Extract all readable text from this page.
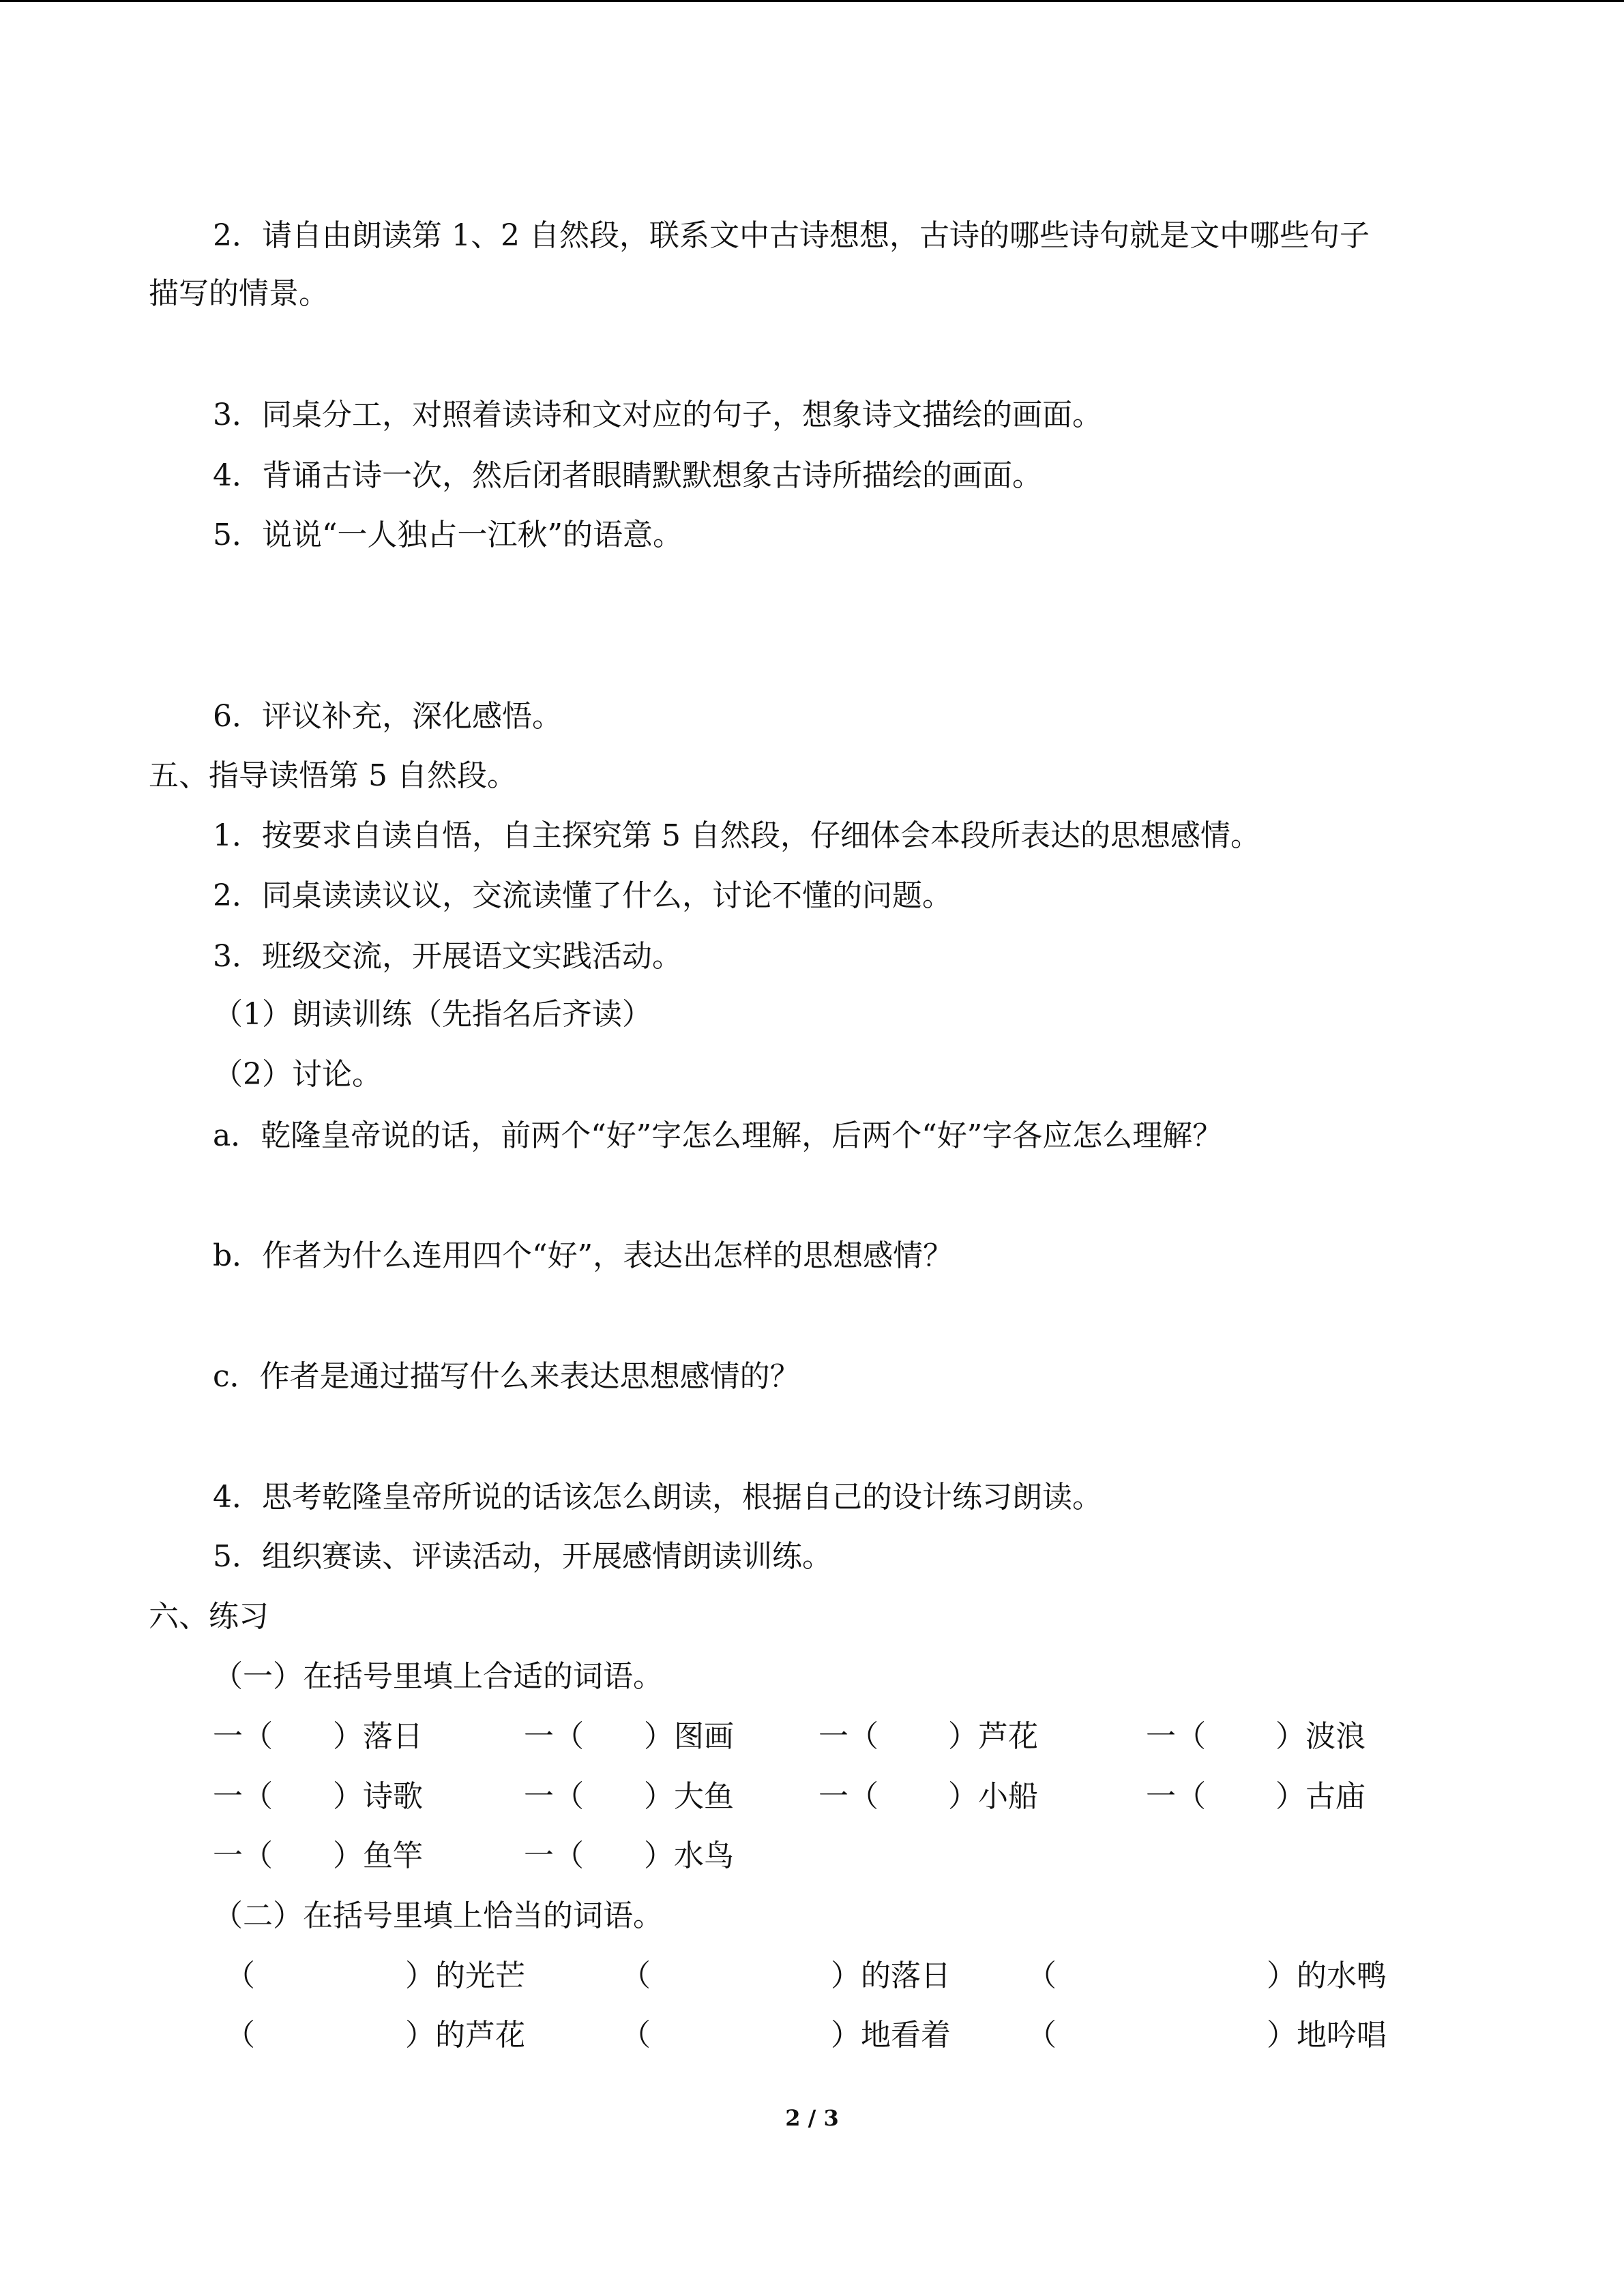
2．请自由朗读第 1、2 自然段，联系文中古诗想想，古诗的哪些诗句就是文中哪些句子
描写的情景。
3．同桌分工，对照着读诗和文对应的句子，想象诗文描绘的画面。
4．背诵古诗一次，然后闭者眼睛默默想象古诗所描绘的画面。
5．说说“一人独占一江秋”的语意。
6．评议补充，深化感悟。
五、指导读悟第 5 自然段。
1．按要求自读自悟，自主探究第 5 自然段，仔细体会本段所表达的思想感情。
2．同桌读读议议，交流读懂了什么，讨论不懂的问题。
3．班级交流，开展语文实践活动。
（1）朗读训练（先指名后齐读）
（2）讨论。
a．乾隆皇帝说的话，前两个“好”字怎么理解，后两个“好”字各应怎么理解？
b．作者为什么连用四个“好”，表达出怎样的思想感情？
c．作者是通过描写什么来表达思想感情的？
4．思考乾隆皇帝所说的话该怎么朗读，根据自己的设计练习朗读。
5．组织赛读、评读活动，开展感情朗读训练。
六、练习
（一）在括号里填上合适的词语。
一（　　）落日	一（　　）图画	一（　　 ）芦花	一（　　 ）波浪
一（　　）诗歌	一（　　）大鱼	一（　　 ）小船	一（　　 ）古庙
一（　　）鱼竿	一（　　）水鸟
（二）在括号里填上恰当的词语。
（　　　　　）的光芒	（　　　　　　）的落日	（　　　　　　　）的水鸭
（　　　　　）的芦花	（　　　　　　）地看着	（　　　　　　　）地吟唱
2 / 3
